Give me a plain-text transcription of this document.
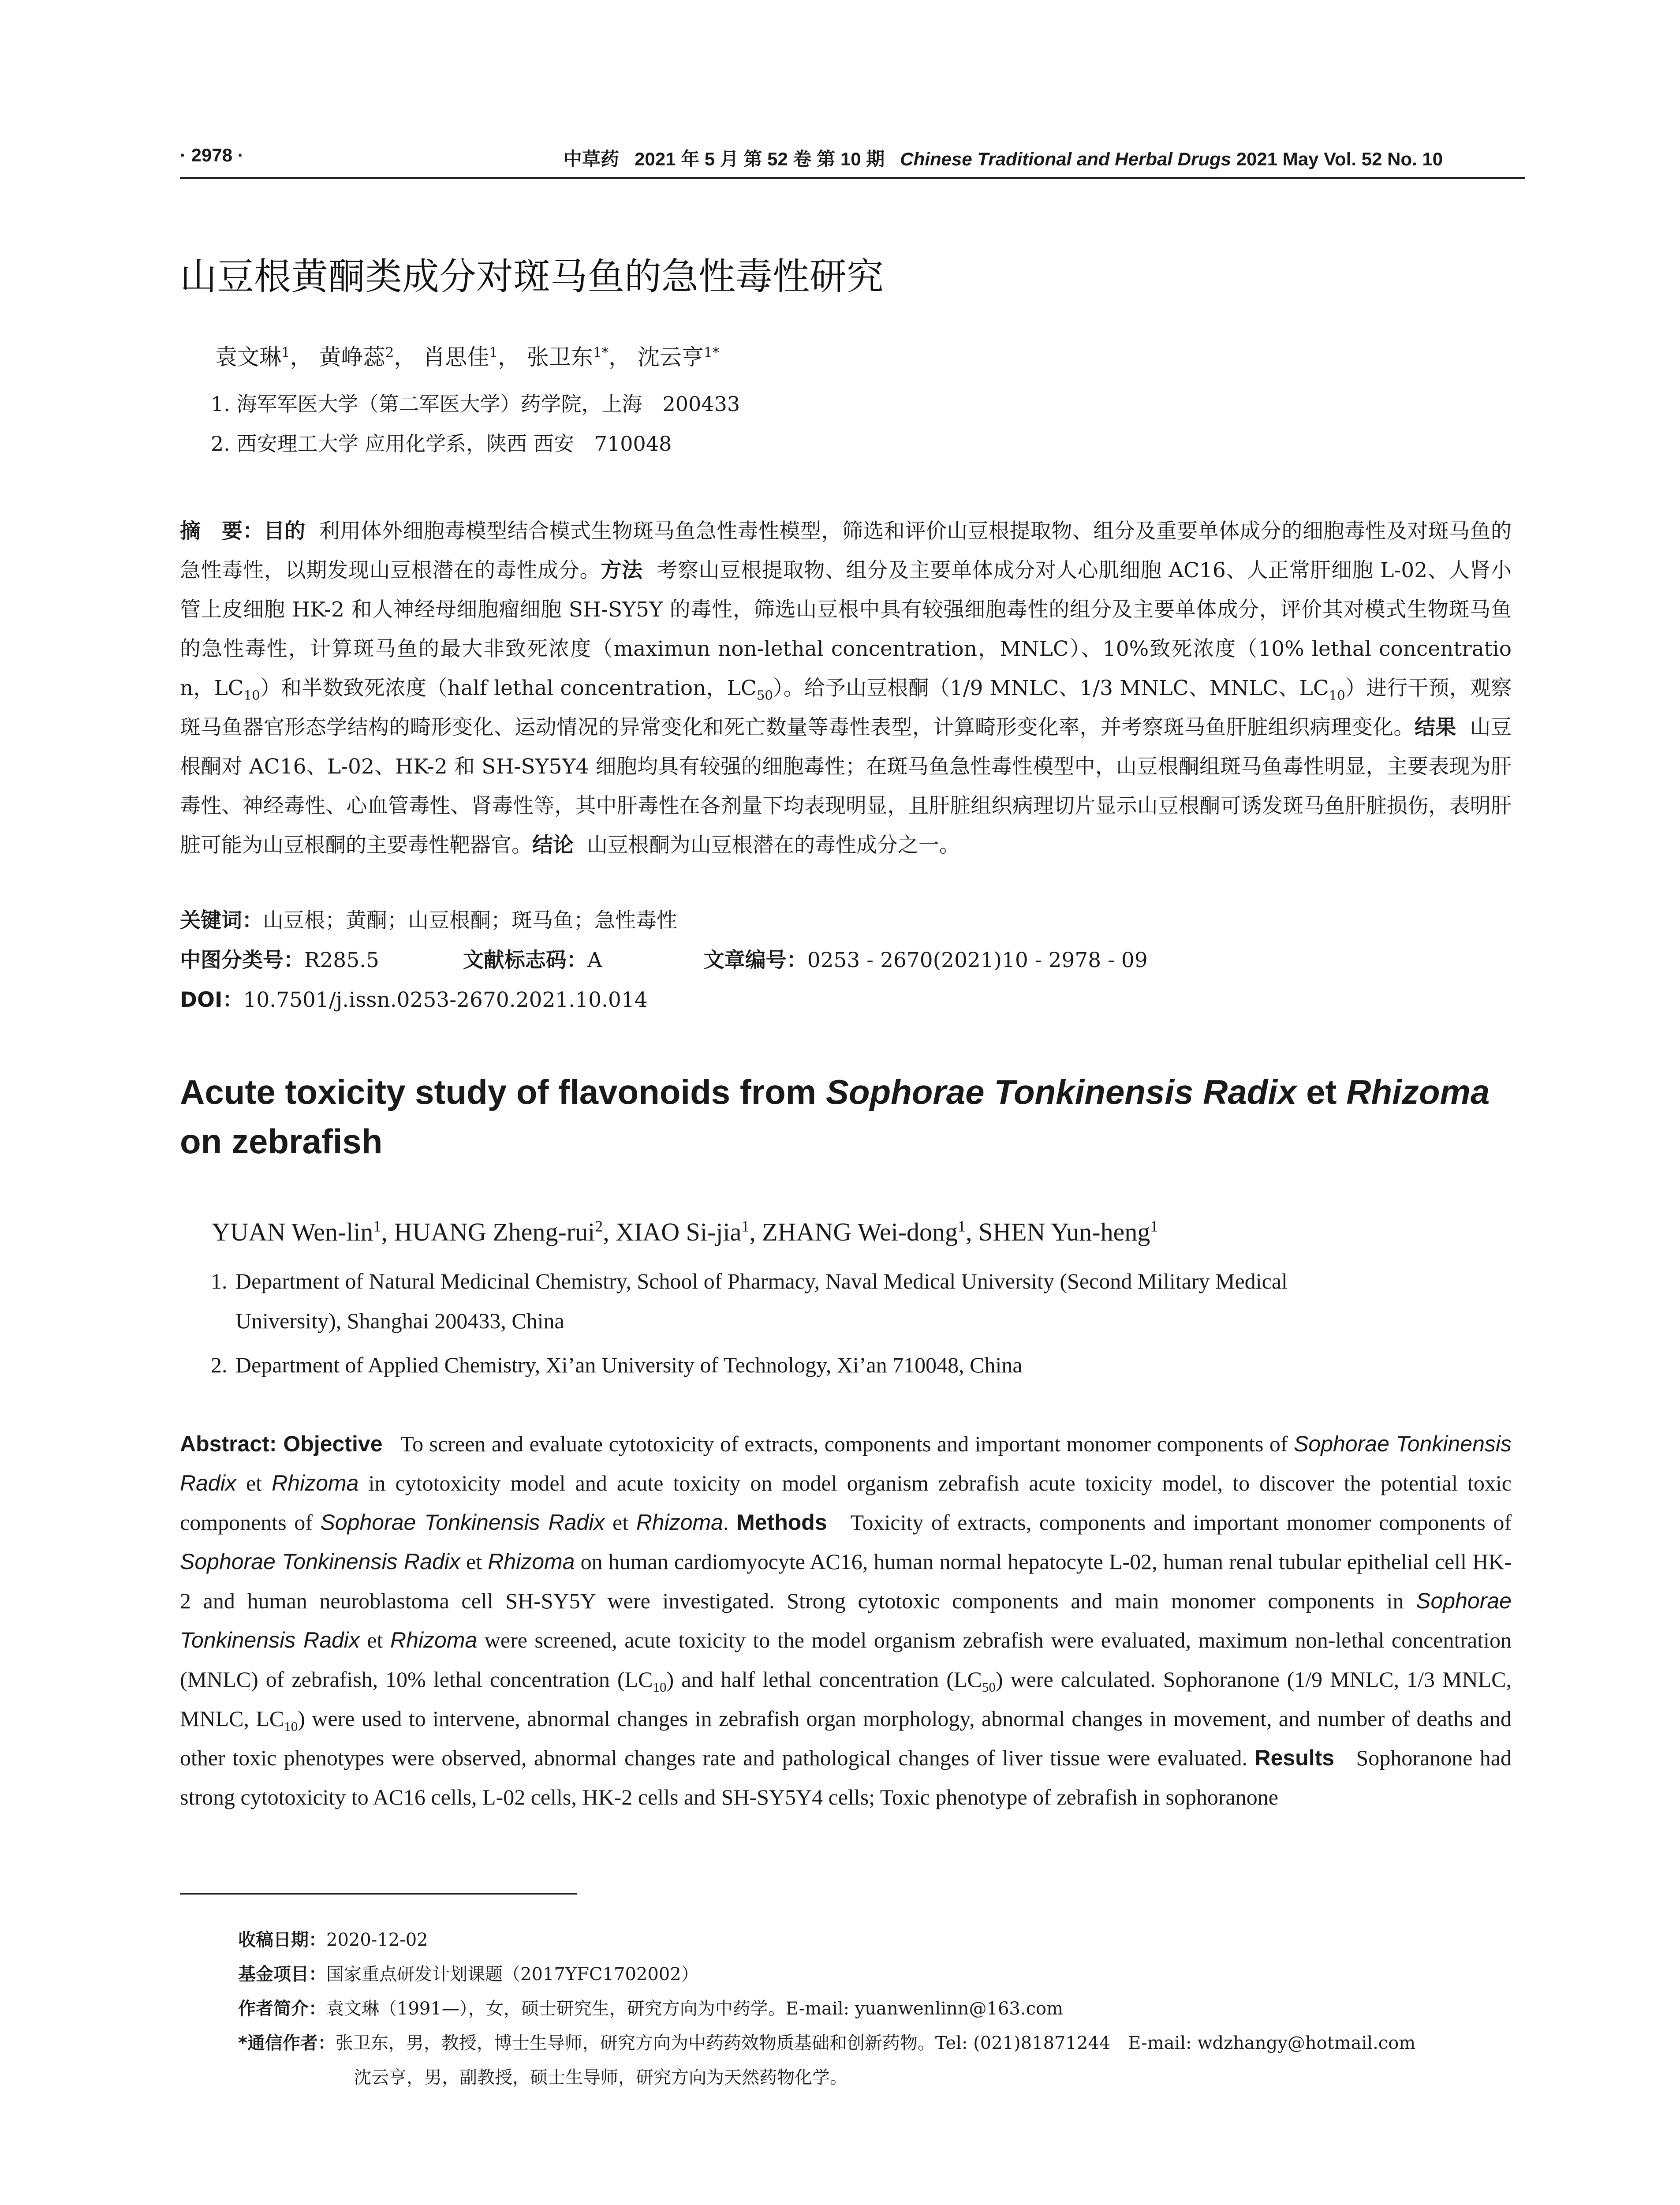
· 2978 ·	中草药 2021 年 5 月 第 52 卷 第 10 期 Chinese Traditional and Herbal Drugs 2021 May Vol. 52 No. 10
山豆根黄酮类成分对斑马鱼的急性毒性研究
袁文琳$^1$， 黄峥蕊$^2$， 肖思佳$^1$， 张卫东$^{1*}$， 沈云亨$^{1*}$
1. 海军军医大学（第二军医大学）药学院，上海　200433
2. 西安理工大学 应用化学系，陕西 西安　710048
摘　要：目的 利用体外细胞毒模型结合模式生物斑马鱼急性毒性模型，筛选和评价山豆根提取物、组分及重要单体成分的细胞毒性及对斑马鱼的急性毒性，以期发现山豆根潜在的毒性成分。方法 考察山豆根提取物、组分及主要单体成分对人心肌细胞 AC16、人正常肝细胞 L-02、人肾小管上皮细胞 HK-2 和人神经母细胞瘤细胞 SH-SY5Y 的毒性，筛选山豆根中具有较强细胞毒性的组分及主要单体成分，评价其对模式生物斑马鱼的急性毒性，计算斑马鱼的最大非致死浓度（maximun non-lethal concentration，MNLC）、10%致死浓度（10% lethal concentration，$LC_{10}$）和半数致死浓度（half lethal concentration，$LC_{50}$）。给予山豆根酮（1/9 MNLC、1/3 MNLC、MNLC、$LC_{10}$）进行干预，观察斑马鱼器官形态学结构的畸形变化、运动情况的异常变化和死亡数量等毒性表型，计算畸形变化率，并考察斑马鱼肝脏组织病理变化。结果 山豆根酮对 AC16、L-02、HK-2 和 SH-SY5Y4 细胞均具有较强的细胞毒性；在斑马鱼急性毒性模型中，山豆根酮组斑马鱼毒性明显，主要表现为肝毒性、神经毒性、心血管毒性、肾毒性等，其中肝毒性在各剂量下均表现明显，且肝脏组织病理切片显示山豆根酮可诱发斑马鱼肝脏损伤，表明肝脏可能为山豆根酮的主要毒性靶器官。结论 山豆根酮为山豆根潜在的毒性成分之一。
关键词：山豆根；黄酮；山豆根酮；斑马鱼；急性毒性
中图分类号：R285.5	文献标志码：A	文章编号：0253 - 2670(2021)10 - 2978 - 09
DOI：10.7501/j.issn.0253-2670.2021.10.014
Acute toxicity study of flavonoids from Sophorae Tonkinensis Radix et Rhizoma on zebrafish
YUAN Wen-lin$^1$, HUANG Zheng-rui$^2$, XIAO Si-jia$^1$, ZHANG Wei-dong$^1$, SHEN Yun-heng$^1$
1. Department of Natural Medicinal Chemistry, School of Pharmacy, Naval Medical University (Second Military Medical
University), Shanghai 200433, China
2. Department of Applied Chemistry, Xi’an University of Technology, Xi’an 710048, China
Abstract: Objective To screen and evaluate cytotoxicity of extracts, components and important monomer components of Sophorae Tonkinensis Radix et Rhizoma in cytotoxicity model and acute toxicity on model organism zebrafish acute toxicity model, to discover the potential toxic components of Sophorae Tonkinensis Radix et Rhizoma. Methods Toxicity of extracts, components and important monomer components of Sophorae Tonkinensis Radix et Rhizoma on human cardiomyocyte AC16, human normal hepatocyte L-02, human renal tubular epithelial cell HK-2 and human neuroblastoma cell SH-SY5Y were investigated. Strong cytotoxic components and main monomer components in Sophorae Tonkinensis Radix et Rhizoma were screened, acute toxicity to the model organism zebrafish were evaluated, maximum non-lethal concentration (MNLC) of zebrafish, 10% lethal concentration $(LC_{10})$ and half lethal concentration $(LC_{50})$ were calculated. Sophoranone (1/9 MNLC, 1/3 MNLC, MNLC, $LC_{10}$) were used to intervene, abnormal changes in zebrafish organ morphology, abnormal changes in movement, and number of deaths and other toxic phenotypes were observed, abnormal changes rate and pathological changes of liver tissue were evaluated. Results Sophoranone had strong cytotoxicity to AC16 cells, L-02 cells, HK-2 cells and SH-SY5Y4 cells; Toxic phenotype of zebrafish in sophoranone
收稿日期：2020-12-02
基金项目：国家重点研发计划课题（2017YFC1702002）
作者简介：袁文琳（1991—），女，硕士研究生，研究方向为中药学。E-mail: yuanwenlinn@163.com
*通信作者：张卫东，男，教授，博士生导师，研究方向为中药药效物质基础和创新药物。Tel: (021)81871244　E-mail: wdzhangy@hotmail.com
沈云亨，男，副教授，硕士生导师，研究方向为天然药物化学。
